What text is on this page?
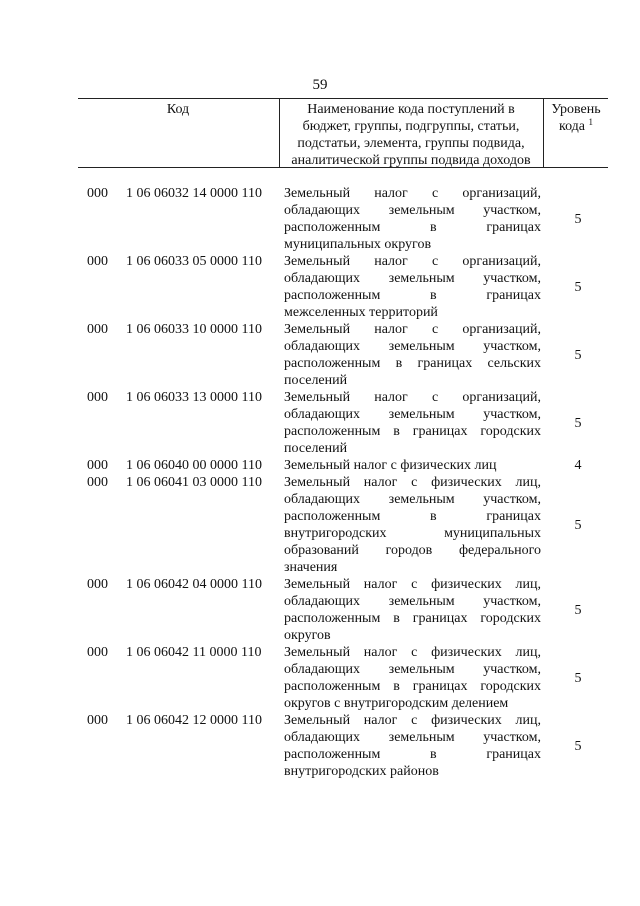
59
Код	Наименование кода поступлений в
бюджет, группы, подгруппы, статьи,
подстатьи, элемента, группы подвида,
аналитической группы подвида доходов
Уровень
кода $^1$
000 1 06 06032 14 0000 110 Земельный налог с организаций,
обладающих земельным участком,
расположенным в границах
муниципальных округов
5
000 1 06 06033 05 0000 110 Земельный налог с организаций,
обладающих земельным участком,
расположенным в границах
межселенных территорий
5
000 1 06 06033 10 0000 110 Земельный налог с организаций,
обладающих земельным участком,
расположенным в границах сельских
поселений
5
000 1 06 06033 13 0000 110 Земельный налог с организаций,
обладающих земельным участком,
расположенным в границах городских
поселений
5
000 1 06 06040 00 0000 110 Земельный налог с физических лиц	4
000 1 06 06041 03 0000 110 Земельный налог с физических лиц,
обладающих земельным участком,
расположенным в границах
внутригородских муниципальных
образований городов федерального
значения
5
000 1 06 06042 04 0000 110 Земельный налог с физических лиц,
обладающих земельным участком,
расположенным в границах городских
округов
5
000 1 06 06042 11 0000 110 Земельный налог с физических лиц,
обладающих земельным участком,
расположенным в границах городских
округов с внутригородским делением
5
000 1 06 06042 12 0000 110 Земельный налог с физических лиц,
обладающих земельным участком,
расположенным в границах
внутригородских районов
5
